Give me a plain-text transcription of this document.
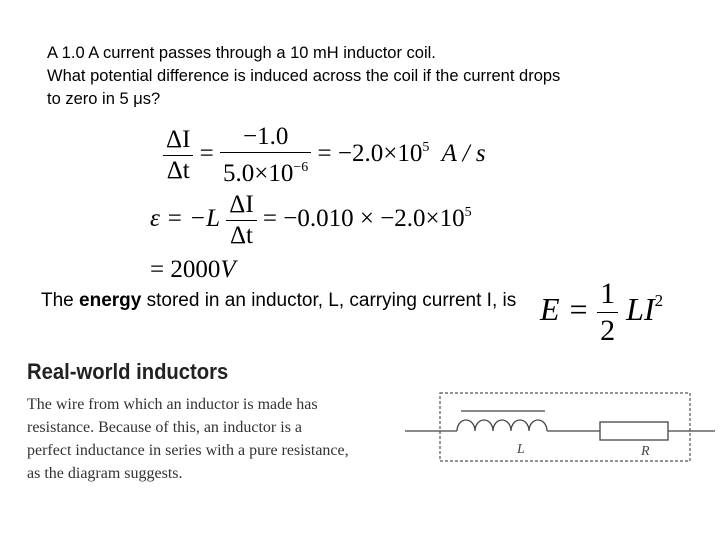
A 1.0 A current passes through a 10 mH inductor coil.

What potential difference is induced across the coil if the current drops

to zero in 5 μs?

$\frac{\Delta I}{\Delta t} = \frac{-1.0}{5.0\times 10^{-6}} = -2.0\times 10^5$ A / s
$\varepsilon = -L \frac{\Delta I}{\Delta t} = -0.010 \times -2.0\times 10^5$
= 2000V
The energy stored in an inductor, L, carrying current I, is $E = \frac{1}{2} LI^2$
Real-world inductors

The wire from which an inductor is made has

resistance. Because of this, an inductor is a

perfect inductance in series with a pure resistance,

as the diagram suggests.

L	R
